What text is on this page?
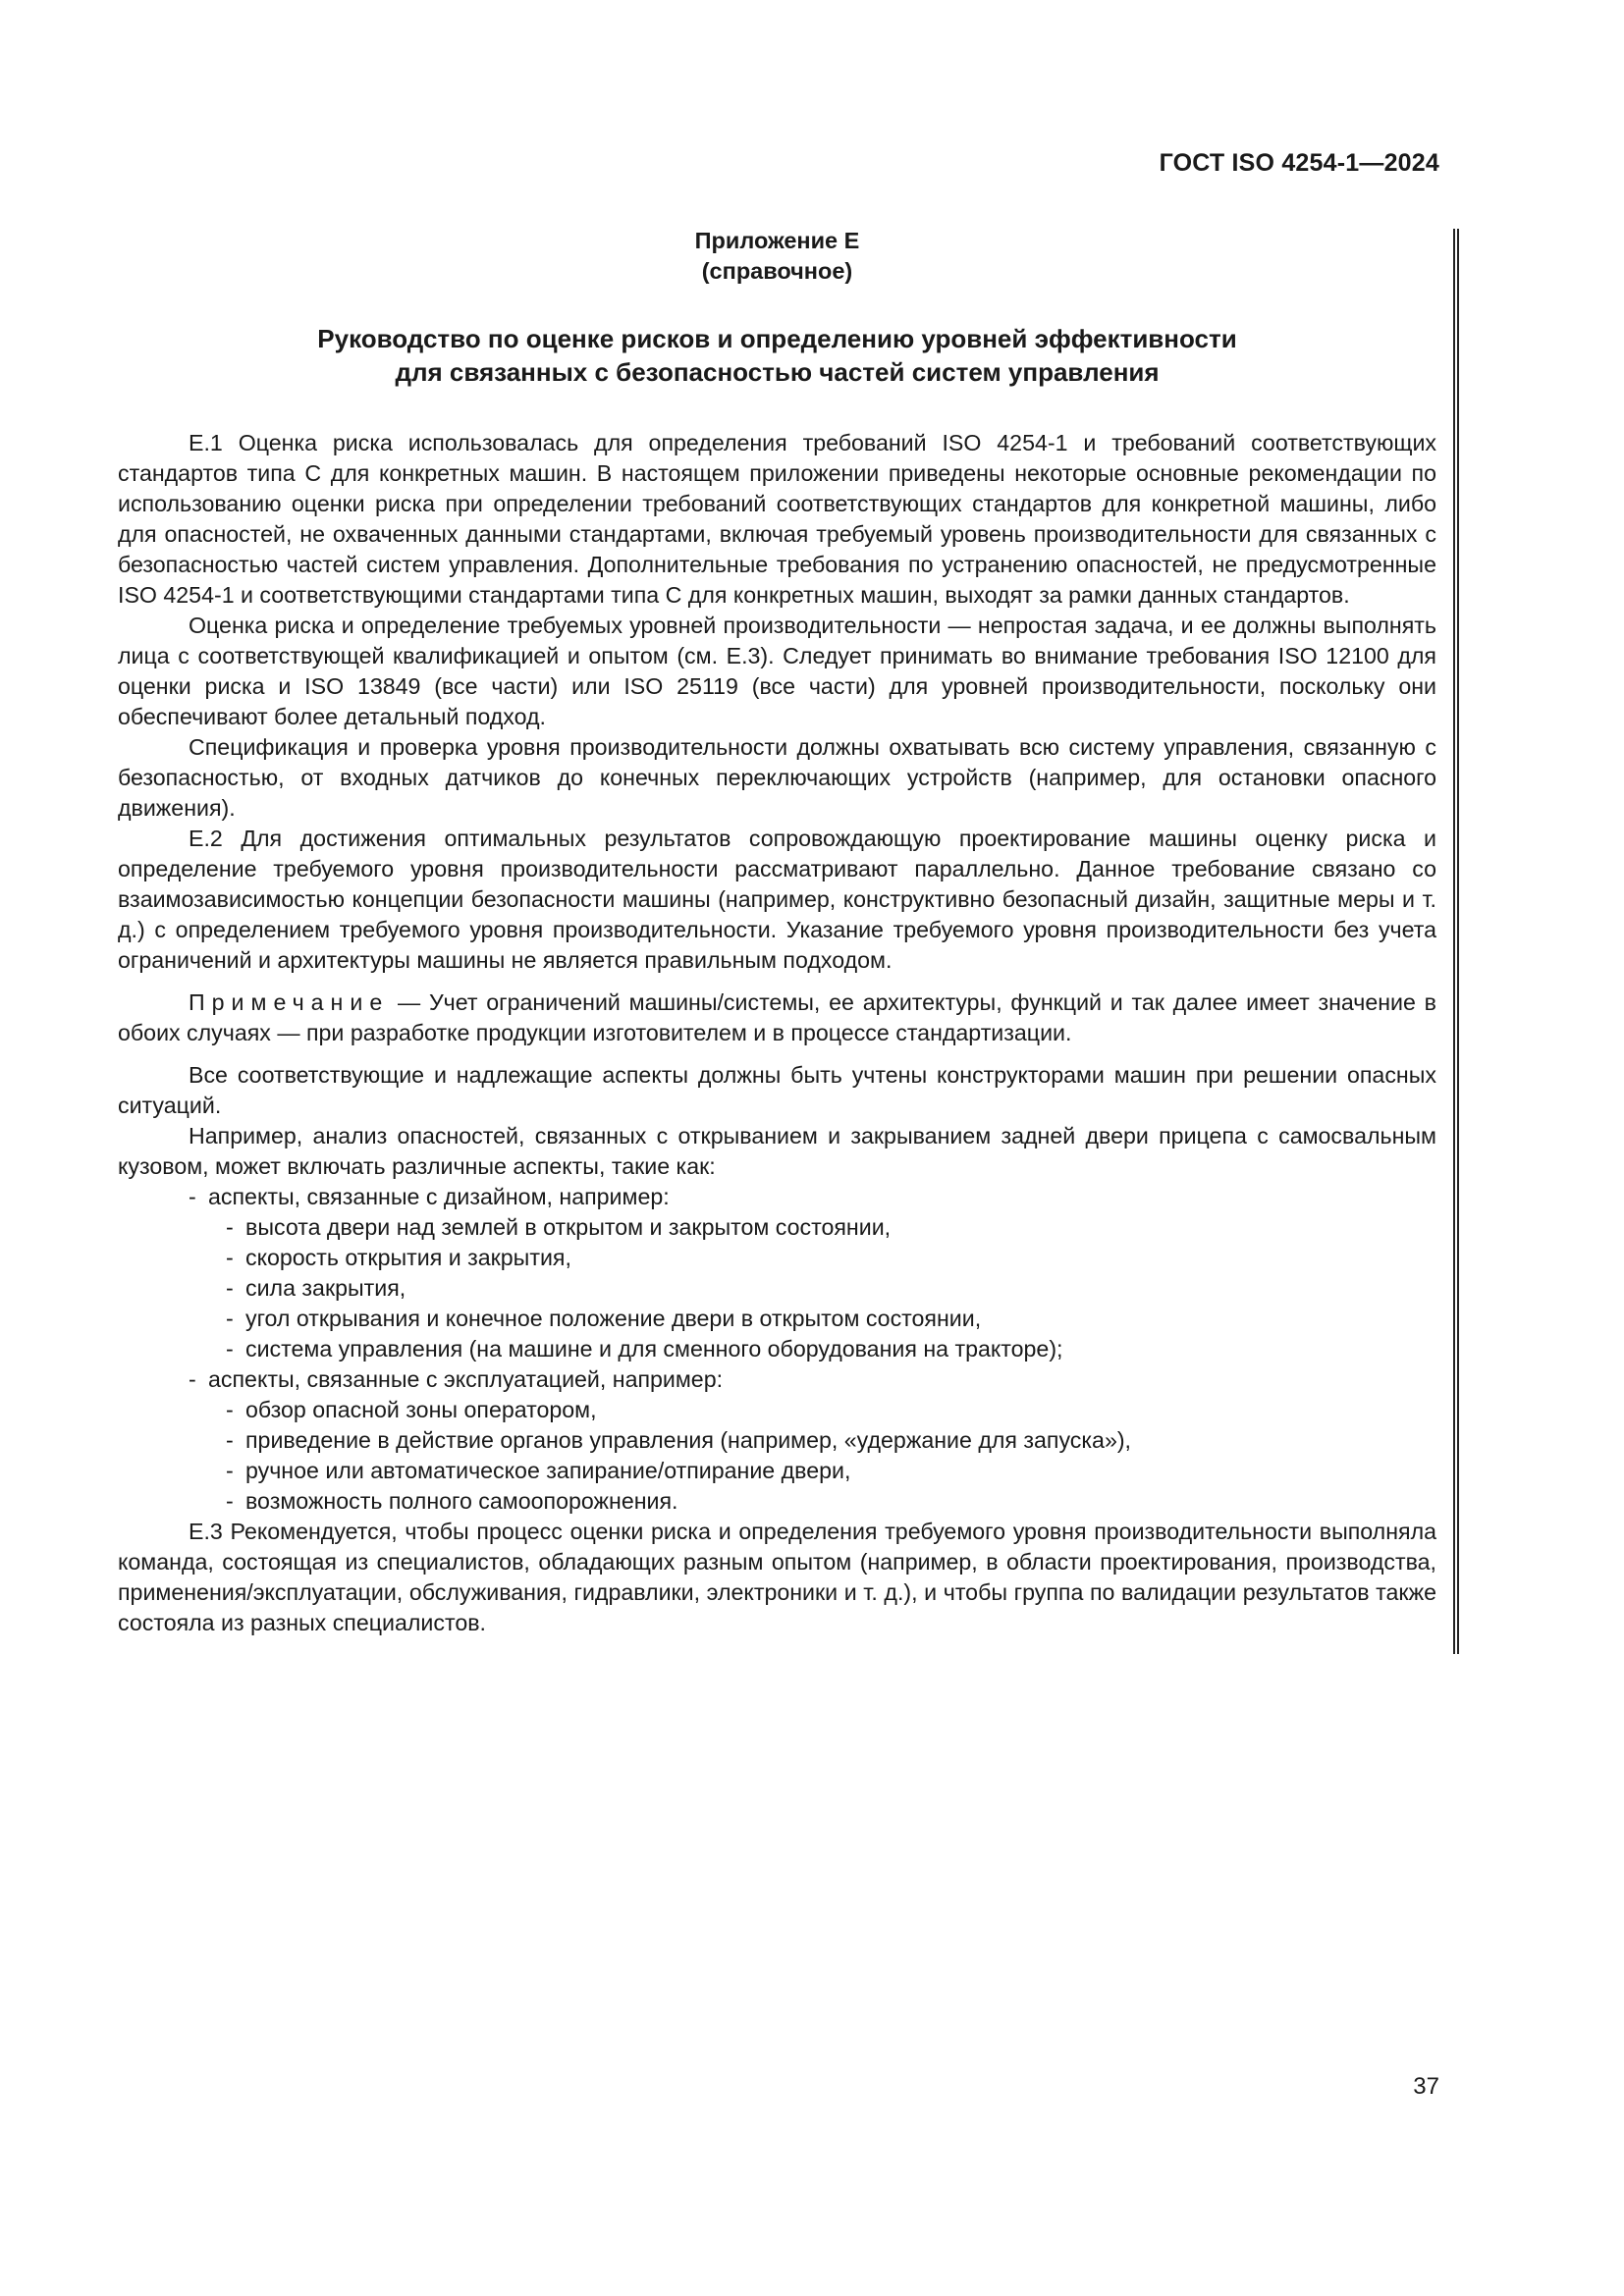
ГОСТ ISO 4254-1—2024

Приложение Е

(справочное)

Руководство по оценке рисков и определению уровней эффективности
для связанных с безопасностью частей систем управления

Е.1 Оценка риска использовалась для определения требований ISO 4254-1 и требований соответствующих стандартов типа С для конкретных машин. В настоящем приложении приведены некоторые основные рекомендации по использованию оценки риска при определении требований соответствующих стандартов для конкретной машины, либо для опасностей, не охваченных данными стандартами, включая требуемый уровень производительности для связанных с безопасностью частей систем управления. Дополнительные требования по устранению опасностей, не предусмотренные ISO 4254-1 и соответствующими стандартами типа С для конкретных машин, выходят за рамки данных стандартов.

Оценка риска и определение требуемых уровней производительности — непростая задача, и ее должны выполнять лица с соответствующей квалификацией и опытом (см. Е.3). Следует принимать во внимание требования ISO 12100 для оценки риска и ISO 13849 (все части) или ISO 25119 (все части) для уровней производительности, поскольку они обеспечивают более детальный подход.

Спецификация и проверка уровня производительности должны охватывать всю систему управления, связанную с безопасностью, от входных датчиков до конечных переключающих устройств (например, для остановки опасного движения).

Е.2 Для достижения оптимальных результатов сопровождающую проектирование машины оценку риска и определение требуемого уровня производительности рассматривают параллельно. Данное требование связано со взаимозависимостью концепции безопасности машины (например, конструктивно безопасный дизайн, защитные меры и т. д.) с определением требуемого уровня производительности. Указание требуемого уровня производительности без учета ограничений и архитектуры машины не является правильным подходом.

Примечание — Учет ограничений машины/системы, ее архитектуры, функций и так далее имеет значение в обоих случаях — при разработке продукции изготовителем и в процессе стандартизации.

Все соответствующие и надлежащие аспекты должны быть учтены конструкторами машин при решении опасных ситуаций.

Например, анализ опасностей, связанных с открыванием и закрыванием задней двери прицепа с самосвальным кузовом, может включать различные аспекты, такие как:

- аспекты, связанные с дизайном, например:
- высота двери над землей в открытом и закрытом состоянии,
- скорость открытия и закрытия,
- сила закрытия,
- угол открывания и конечное положение двери в открытом состоянии,
- система управления (на машине и для сменного оборудования на тракторе);
- аспекты, связанные с эксплуатацией, например:
- обзор опасной зоны оператором,
- приведение в действие органов управления (например, «удержание для запуска»),
- ручное или автоматическое запирание/отпирание двери,
- возможность полного самоопорожнения.

Е.3 Рекомендуется, чтобы процесс оценки риска и определения требуемого уровня производительности выполняла команда, состоящая из специалистов, обладающих разным опытом (например, в области проектирования, производства, применения/эксплуатации, обслуживания, гидравлики, электроники и т. д.), и чтобы группа по валидации результатов также состояла из разных специалистов.

37
